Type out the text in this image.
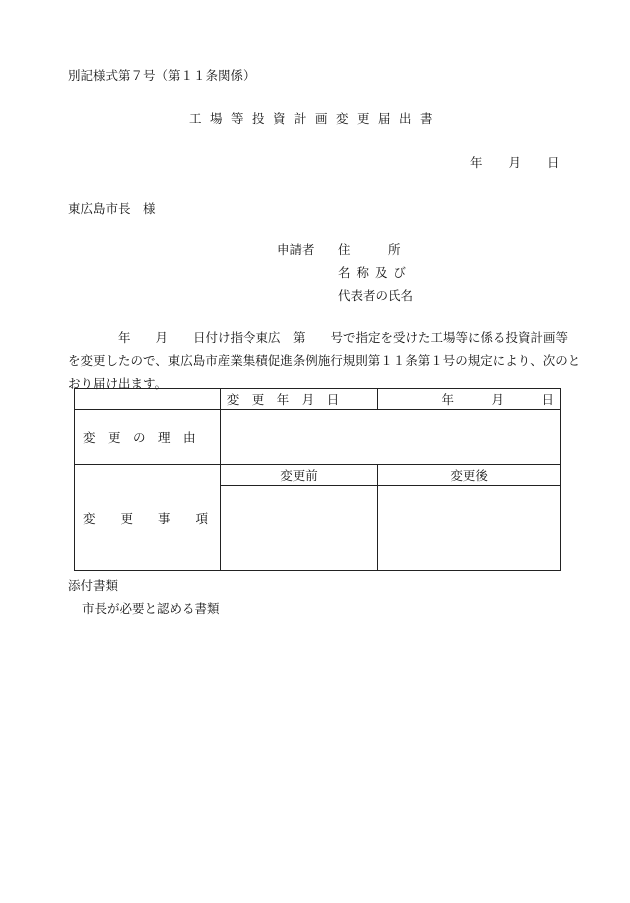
別記様式第７号（第１１条関係）
工場等投資計画変更届出書
年 月 日
東広島市長　様
申請者 住　　　所
名 称 及 び
代表者の氏名
　　　　年　　月　　日付け指令東広　第　　号で指定を受けた工場等に係る投資計画等
を変更したので、東広島市産業集積促進条例施行規則第１１条第１号の規定により、次のと
おり届け出ます。
	変　更　年　月　日	年　　　月　　　日
変　更　の　理　由		
変　　更　　事　　項	変更前	変更後

添付書類
市長が必要と認める書類
